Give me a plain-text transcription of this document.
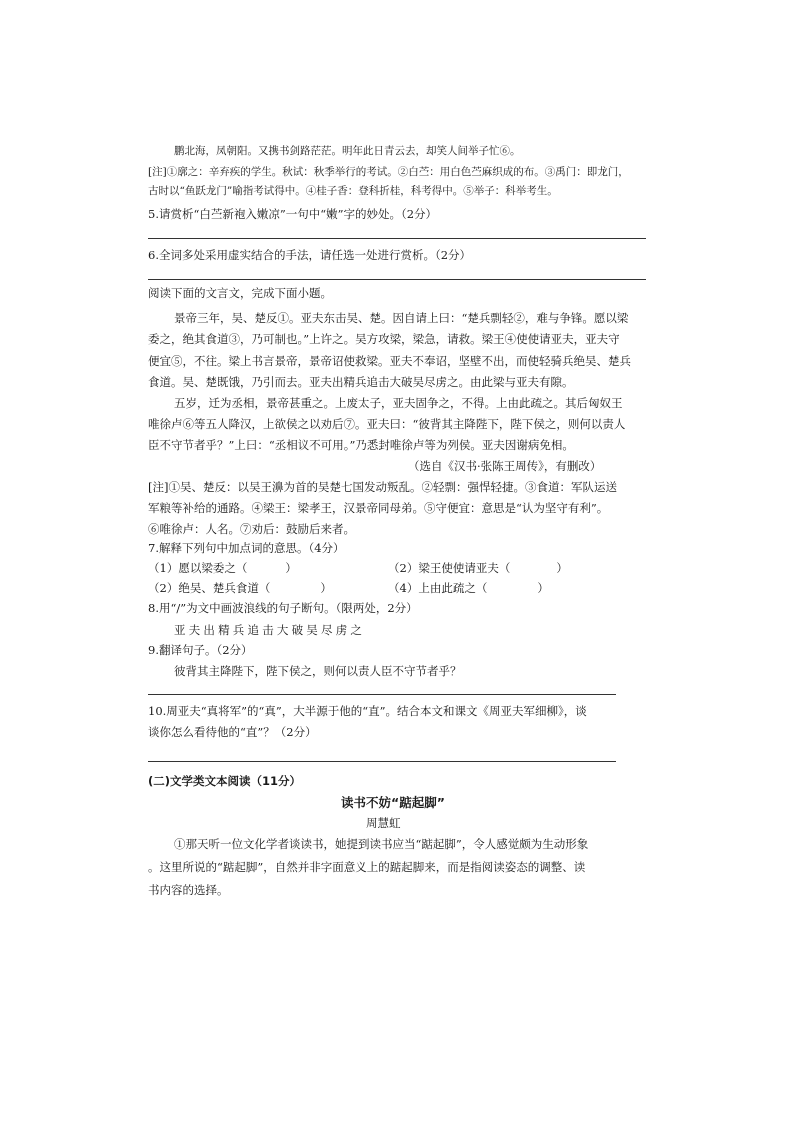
鹏北海，凤朝阳。又携书剑路茫茫。明年此日青云去，却笑人间举子忙⑥。
[注]①廓之：辛弃疾的学生。秋试：秋季举行的考试。②白苎：用白色苎麻织成的布。③禹门：即龙门，
古时以“鱼跃龙门”喻指考试得中。④桂子香：登科折桂，科考得中。⑤举子：科举考生。
5.请赏析“白苎新袍入嫩凉”一句中“嫩”字的妙处。（2分）
6.全词多处采用虚实结合的手法，请任选一处进行赏析。（2分）
阅读下面的文言文，完成下面小题。
景帝三年，吴、楚反①。亚夫东击吴、楚。因自请上曰：“楚兵剽轻②，难与争锋。愿以梁
委之，绝其食道③，乃可制也。”上许之。吴方攻梁，梁急，请救。梁王④使使请亚夫，亚夫守
便宜⑤，不往。梁上书言景帝，景帝诏使救梁。亚夫不奉诏，坚壁不出，而使轻骑兵绝吴、楚兵
食道。吴、楚既饿，乃引而去。亚夫出精兵追击大破吴尽虏之。由此梁与亚夫有隙。
五岁，迁为丞相，景帝甚重之。上废太子，亚夫固争之，不得。上由此疏之。其后匈奴王
唯徐卢⑥等五人降汉，上欲侯之以劝后⑦。亚夫曰：“彼背其主降陛下，陛下侯之，则何以责人
臣不守节者乎？”上曰：“丞相议不可用。”乃悉封唯徐卢等为列侯。亚夫因谢病免相。
（选自《汉书·张陈王周传》，有删改）
[注]①吴、楚反：以吴王濞为首的吴楚七国发动叛乱。②轻剽：强悍轻捷。③食道：军队运送
军粮等补给的通路。④梁王：梁孝王，汉景帝同母弟。⑤守便宜：意思是“认为坚守有利”。
⑥唯徐卢：人名。⑦劝后：鼓励后来者。
7.解释下列句中加点词的意思。（4分）
（1）愿以梁委之（	）	（2）梁王使使请亚夫（	）
（2）绝吴、楚兵食道（	）	（4）上由此疏之（	）
8.用“/”为文中画波浪线的句子断句。（限两处，2分）
亚夫出精兵追击大破吴尽虏之
9.翻译句子。（2分）
彼背其主降陛下，陛下侯之，则何以责人臣不守节者乎？
10.周亚夫“真将军”的“真”，大半源于他的“直”。结合本文和课文《周亚夫军细柳》，谈
谈你怎么看待他的“直”？（2分）
(二)文学类文本阅读（11分）
读书不妨“踮起脚”
周慧虹
①那天听一位文化学者谈读书，她提到读书应当“踮起脚”，令人感觉颇为生动形象
。这里所说的“踮起脚”，自然并非字面意义上的踮起脚来，而是指阅读姿态的调整、读
书内容的选择。
